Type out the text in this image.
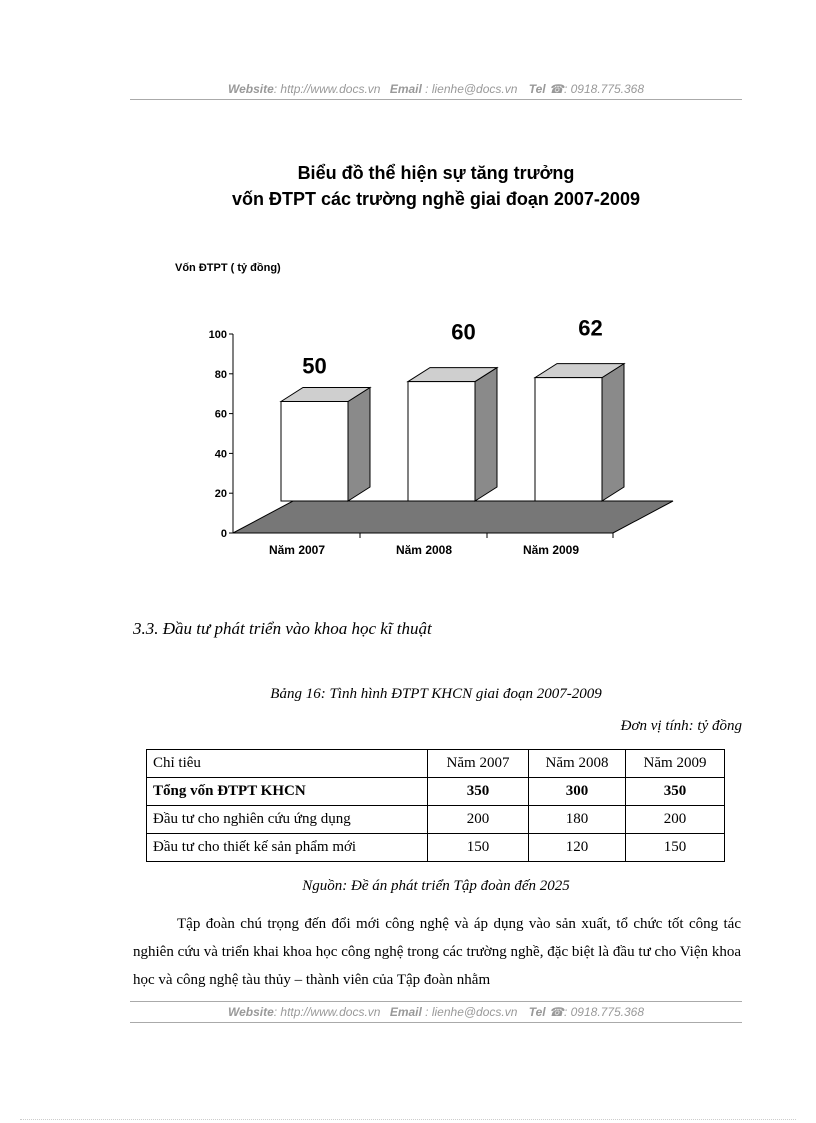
Website: http://www.docs.vn Email : lienhe@docs.vn Tel ☎: 0918.775.368
Biểu đồ thể hiện sự tăng trưởng
vốn ĐTPT các trường nghề giai đoạn 2007-2009
Vốn ĐTPT ( tỷ đồng)
0
20
40
60
80
100
50
60	62
Năm 2007	Năm 2008	Năm 2009
3.3. Đầu tư phát triển vào khoa học kĩ thuật
Bảng 16: Tình hình ĐTPT KHCN giai đoạn 2007-2009
Đơn vị tính: tỷ đồng
Chỉ tiêu	Năm 2007	Năm 2008	Năm 2009
Tổng vốn ĐTPT KHCN	350	300	350
Đầu tư cho nghiên cứu ứng dụng	200	180	200
Đầu tư cho thiết kế sản phẩm mới	150	120	150
Nguồn: Đề án phát triển Tập đoàn đến 2025
Tập đoàn chú trọng đến đổi mới công nghệ và áp dụng vào sản xuất, tổ chức tốt công tác nghiên cứu và triển khai khoa học công nghệ trong các trường nghề, đặc biệt là đầu tư cho Viện khoa học và công nghệ tàu thủy – thành viên của Tập đoàn nhằm
Website: http://www.docs.vn Email : lienhe@docs.vn Tel ☎: 0918.775.368
